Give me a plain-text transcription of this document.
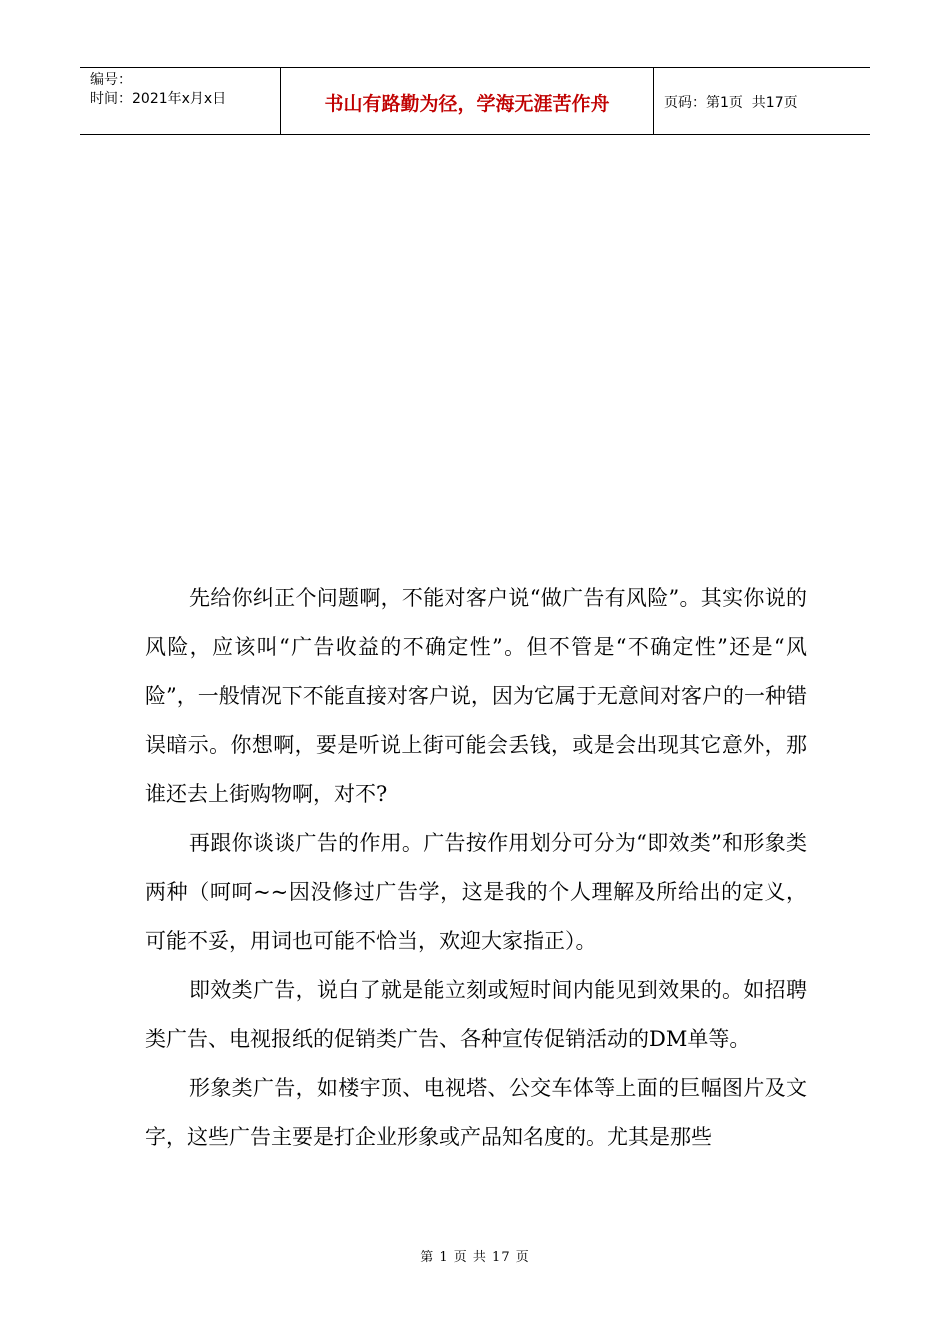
编号：
时间：2021年x月x日	书山有路勤为径，学海无涯苦作舟	页码：第1页  共17页

先给你纠正个问题啊，不能对客户说“做广告有风险”。其实你说的风险，应该叫“广告收益的不确定性”。但不管是“不确定性”还是“风险”，一般情况下不能直接对客户说，因为它属于无意间对客户的一种错误暗示。你想啊，要是听说上街可能会丢钱，或是会出现其它意外，那谁还去上街购物啊，对不?

再跟你谈谈广告的作用。广告按作用划分可分为“即效类”和形象类两种（呵呵~~因没修过广告学，这是我的个人理解及所给出的定义，可能不妥，用词也可能不恰当，欢迎大家指正）。

即效类广告，说白了就是能立刻或短时间内能见到效果的。如招聘类广告、电视报纸的促销类广告、各种宣传促销活动的DM单等。

形象类广告，如楼宇顶、电视塔、公交车体等上面的巨幅图片及文字，这些广告主要是打企业形象或产品知名度的。尤其是那些

第 1 页 共 17 页
